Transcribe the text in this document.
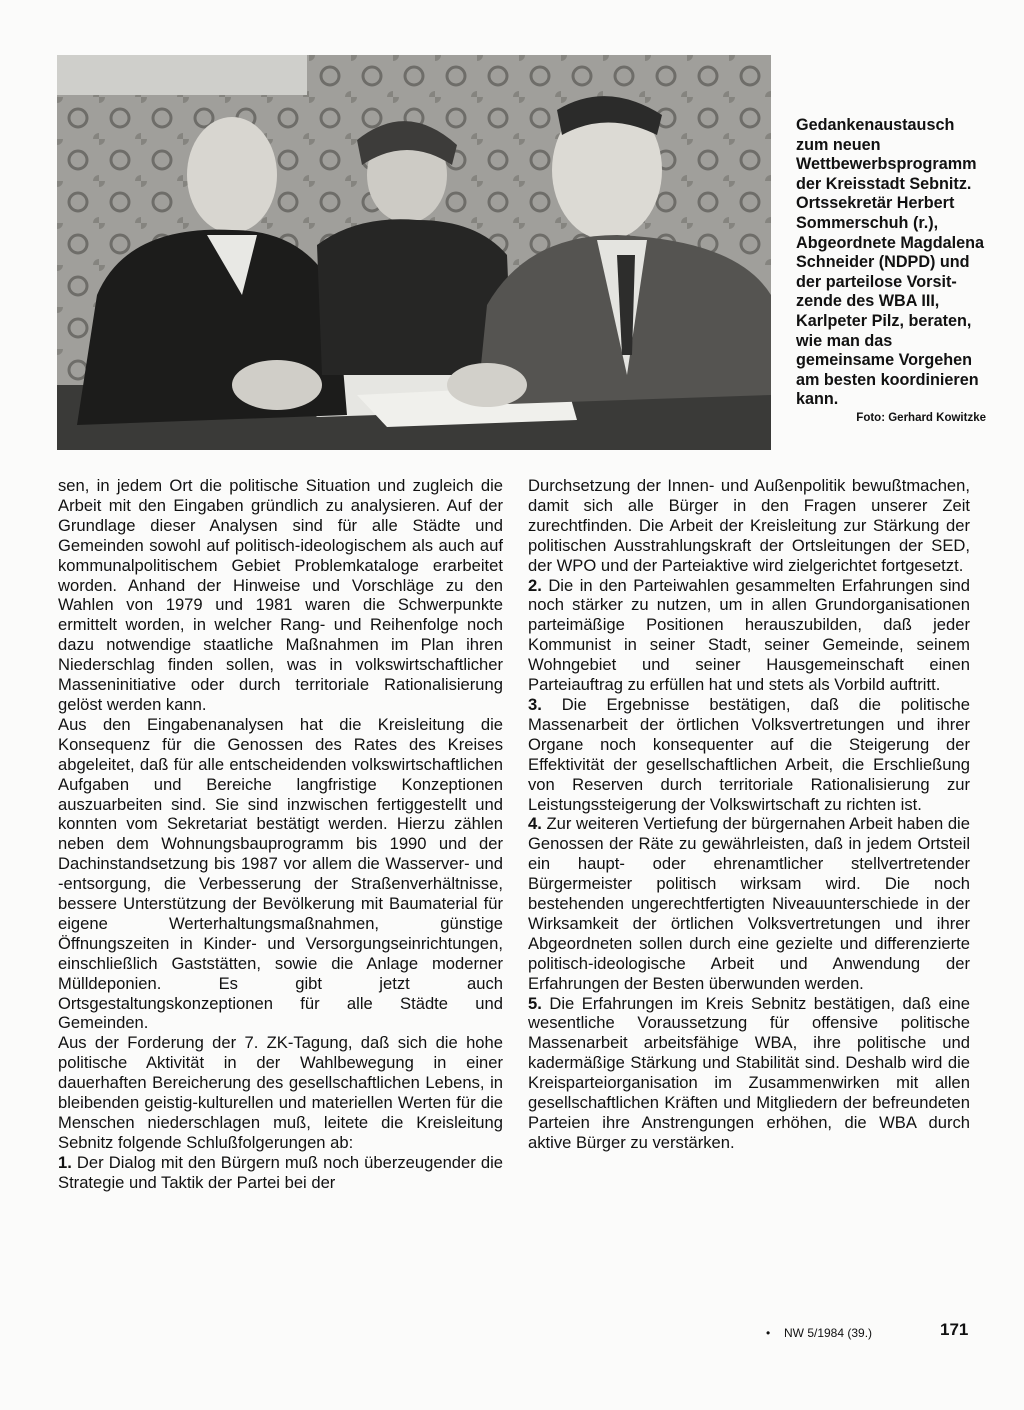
Gedankenaustausch zum neuen Wettbewerbsprogramm der Kreisstadt Sebnitz. Ortssekretär Herbert Sommerschuh (r.), Abgeordnete Magdalena Schneider (NDPD) und der parteilose Vorsitzende des WBA III, Karlpeter Pilz, beraten, wie man das gemeinsame Vorgehen am besten koordinieren kann.
Foto: Gerhard Kowitzke

sen, in jedem Ort die politische Situation und zugleich die Arbeit mit den Eingaben gründlich zu analysieren. Auf der Grundlage dieser Analysen sind für alle Städte und Gemeinden sowohl auf politisch-ideologischem als auch auf kommunalpolitischem Gebiet Problemkataloge erarbeitet worden. Anhand der Hinweise und Vorschläge zu den Wahlen von 1979 und 1981 waren die Schwerpunkte ermittelt worden, in welcher Rang- und Reihenfolge noch dazu notwendige staatliche Maßnahmen im Plan ihren Niederschlag finden sollen, was in volkswirtschaftlicher Masseninitiative oder durch territoriale Rationalisierung gelöst werden kann.

Aus den Eingabenanalysen hat die Kreisleitung die Konsequenz für die Genossen des Rates des Kreises abgeleitet, daß für alle entscheidenden volkswirtschaftlichen Aufgaben und Bereiche langfristige Konzeptionen auszuarbeiten sind. Sie sind inzwischen fertiggestellt und konnten vom Sekretariat bestätigt werden. Hierzu zählen neben dem Wohnungsbauprogramm bis 1990 und der Dachinstandsetzung bis 1987 vor allem die Wasserver- und -entsorgung, die Verbesserung der Straßenverhältnisse, bessere Unterstützung der Bevölkerung mit Baumaterial für eigene Werterhaltungsmaßnahmen, günstige Öffnungszeiten in Kinder- und Versorgungseinrichtungen, einschließlich Gaststätten, sowie die Anlage moderner Mülldeponien. Es gibt jetzt auch Ortsgestaltungskonzeptionen für alle Städte und Gemeinden.

Aus der Forderung der 7. ZK-Tagung, daß sich die hohe politische Aktivität in der Wahlbewegung in einer dauerhaften Bereicherung des gesellschaftlichen Lebens, in bleibenden geistig-kulturellen und materiellen Werten für die Menschen niederschlagen muß, leitete die Kreisleitung Sebnitz folgende Schlußfolgerungen ab:

1. Der Dialog mit den Bürgern muß noch überzeugender die Strategie und Taktik der Partei bei der

Durchsetzung der Innen- und Außenpolitik bewußtmachen, damit sich alle Bürger in den Fragen unserer Zeit zurechtfinden. Die Arbeit der Kreisleitung zur Stärkung der politischen Ausstrahlungskraft der Ortsleitungen der SED, der WPO und der Parteiaktive wird zielgerichtet fortgesetzt.

2. Die in den Parteiwahlen gesammelten Erfahrungen sind noch stärker zu nutzen, um in allen Grundorganisationen parteimäßige Positionen herauszubilden, daß jeder Kommunist in seiner Stadt, seiner Gemeinde, seinem Wohngebiet und seiner Hausgemeinschaft einen Parteiauftrag zu erfüllen hat und stets als Vorbild auftritt.

3. Die Ergebnisse bestätigen, daß die politische Massenarbeit der örtlichen Volksvertretungen und ihrer Organe noch konsequenter auf die Steigerung der Effektivität der gesellschaftlichen Arbeit, die Erschließung von Reserven durch territoriale Rationalisierung zur Leistungssteigerung der Volkswirtschaft zu richten ist.

4. Zur weiteren Vertiefung der bürgernahen Arbeit haben die Genossen der Räte zu gewährleisten, daß in jedem Ortsteil ein haupt- oder ehrenamtlicher stellvertretender Bürgermeister politisch wirksam wird. Die noch bestehenden ungerechtfertigten Niveauunterschiede in der Wirksamkeit der örtlichen Volksvertretungen und ihrer Abgeordneten sollen durch eine gezielte und differenzierte politisch-ideologische Arbeit und Anwendung der Erfahrungen der Besten überwunden werden.

5. Die Erfahrungen im Kreis Sebnitz bestätigen, daß eine wesentliche Voraussetzung für offensive politische Massenarbeit arbeitsfähige WBA, ihre politische und kadermäßige Stärkung und Stabilität sind. Deshalb wird die Kreisparteiorganisation im Zusammenwirken mit allen gesellschaftlichen Kräften und Mitgliedern der befreundeten Parteien ihre Anstrengungen erhöhen, die WBA durch aktive Bürger zu verstärken.

• NW 5/1984 (39.)	171
